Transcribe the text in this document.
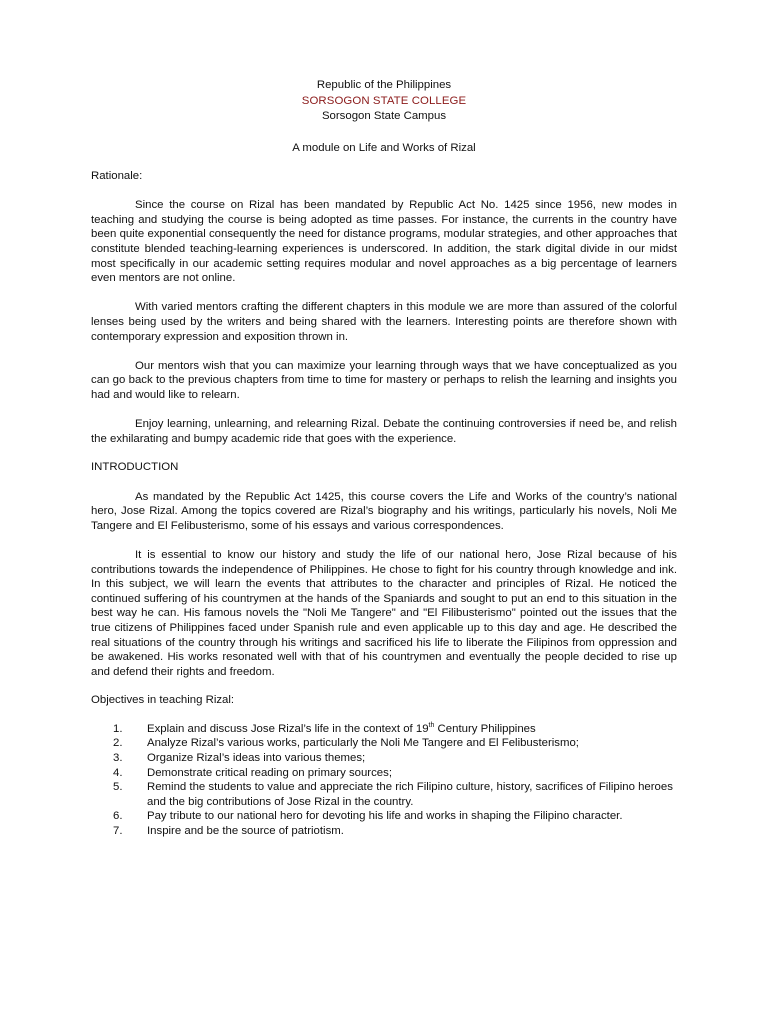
Republic of the Philippines
SORSOGON STATE COLLEGE
Sorsogon State Campus
A module on Life and Works of Rizal
Rationale:

Since the course on Rizal has been mandated by Republic Act No. 1425 since 1956, new modes in teaching and studying the course is being adopted as time passes. For instance, the currents in the country have been quite exponential consequently the need for distance programs, modular strategies, and other approaches that constitute blended teaching-learning experiences is underscored. In addition, the stark digital divide in our midst most specifically in our academic setting requires modular and novel approaches as a big percentage of learners even mentors are not online.

With varied mentors crafting the different chapters in this module we are more than assured of the colorful lenses being used by the writers and being shared with the learners. Interesting points are therefore shown with contemporary expression and exposition thrown in.

Our mentors wish that you can maximize your learning through ways that we have conceptualized as you can go back to the previous chapters from time to time for mastery or perhaps to relish the learning and insights you had and would like to relearn.

Enjoy learning, unlearning, and relearning Rizal. Debate the continuing controversies if need be, and relish the exhilarating and bumpy academic ride that goes with the experience.

INTRODUCTION

As mandated by the Republic Act 1425, this course covers the Life and Works of the country’s national hero, Jose Rizal. Among the topics covered are Rizal’s biography and his writings, particularly his novels, Noli Me Tangere and El Felibusterismo, some of his essays and various correspondences.

It is essential to know our history and study the life of our national hero, Jose Rizal because of his contributions towards the independence of Philippines. He chose to fight for his country through knowledge and ink. In this subject, we will learn the events that attributes to the character and principles of Rizal. He noticed the continued suffering of his countrymen at the hands of the Spaniards and sought to put an end to this situation in the best way he can. His famous novels the "Noli Me Tangere" and "El Filibusterismo" pointed out the issues that the true citizens of Philippines faced under Spanish rule and even applicable up to this day and age. He described the real situations of the country through his writings and sacrificed his life to liberate the Filipinos from oppression and be awakened. His works resonated well with that of his countrymen and eventually the people decided to rise up and defend their rights and freedom.

Objectives in teaching Rizal:
1. Explain and discuss Jose Rizal’s life in the context of 19th Century Philippines
2. Analyze Rizal’s various works, particularly the Noli Me Tangere and El Felibusterismo;
3. Organize Rizal’s ideas into various themes;
4. Demonstrate critical reading on primary sources;
5. Remind the students to value and appreciate the rich Filipino culture, history, sacrifices of Filipino heroes and the big contributions of Jose Rizal in the country.
6. Pay tribute to our national hero for devoting his life and works in shaping the Filipino character.
7. Inspire and be the source of patriotism.
